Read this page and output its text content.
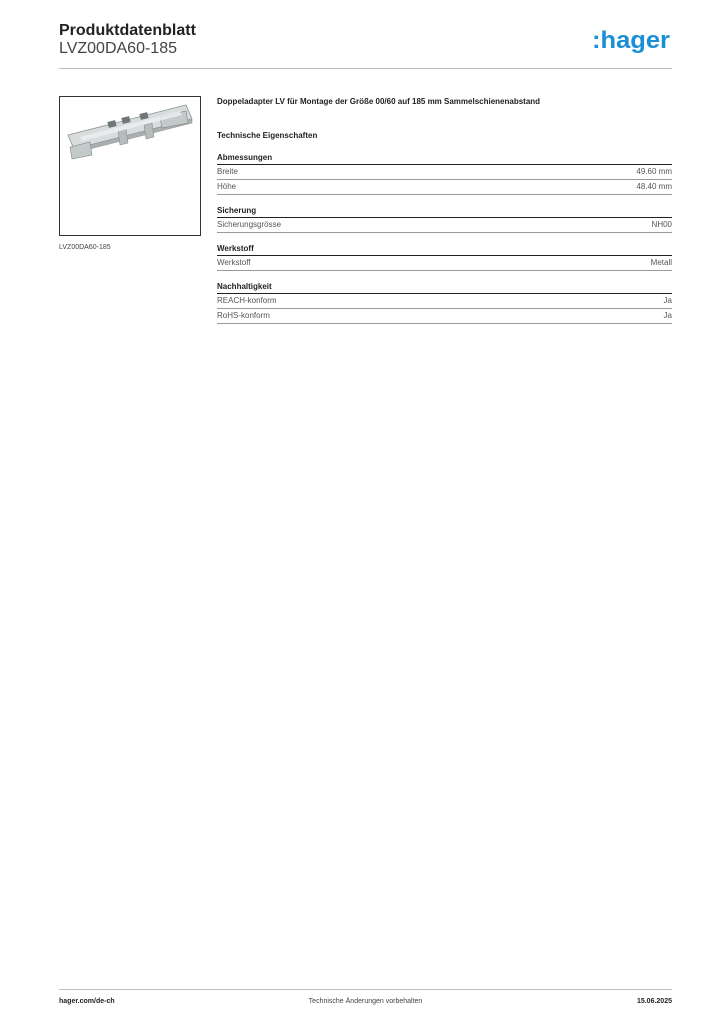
Produktdatenblatt
LVZ00DA60-185	:hager
LVZ00DA60-185

Doppeladapter LV für Montage der Größe 00/60 auf 185 mm Sammelschienenabstand

Technische Eigenschaften
Abmessungen
Breite	49.60 mm
Höhe	48.40 mm
Sicherung
Sicherungsgrösse	NH00
Werkstoff
Werkstoff	Metall
Nachhaltigkeit
REACH-konform	Ja
RoHS-konform	Ja
hager.com/de-ch	Technische Änderungen vorbehalten	15.06.2025
